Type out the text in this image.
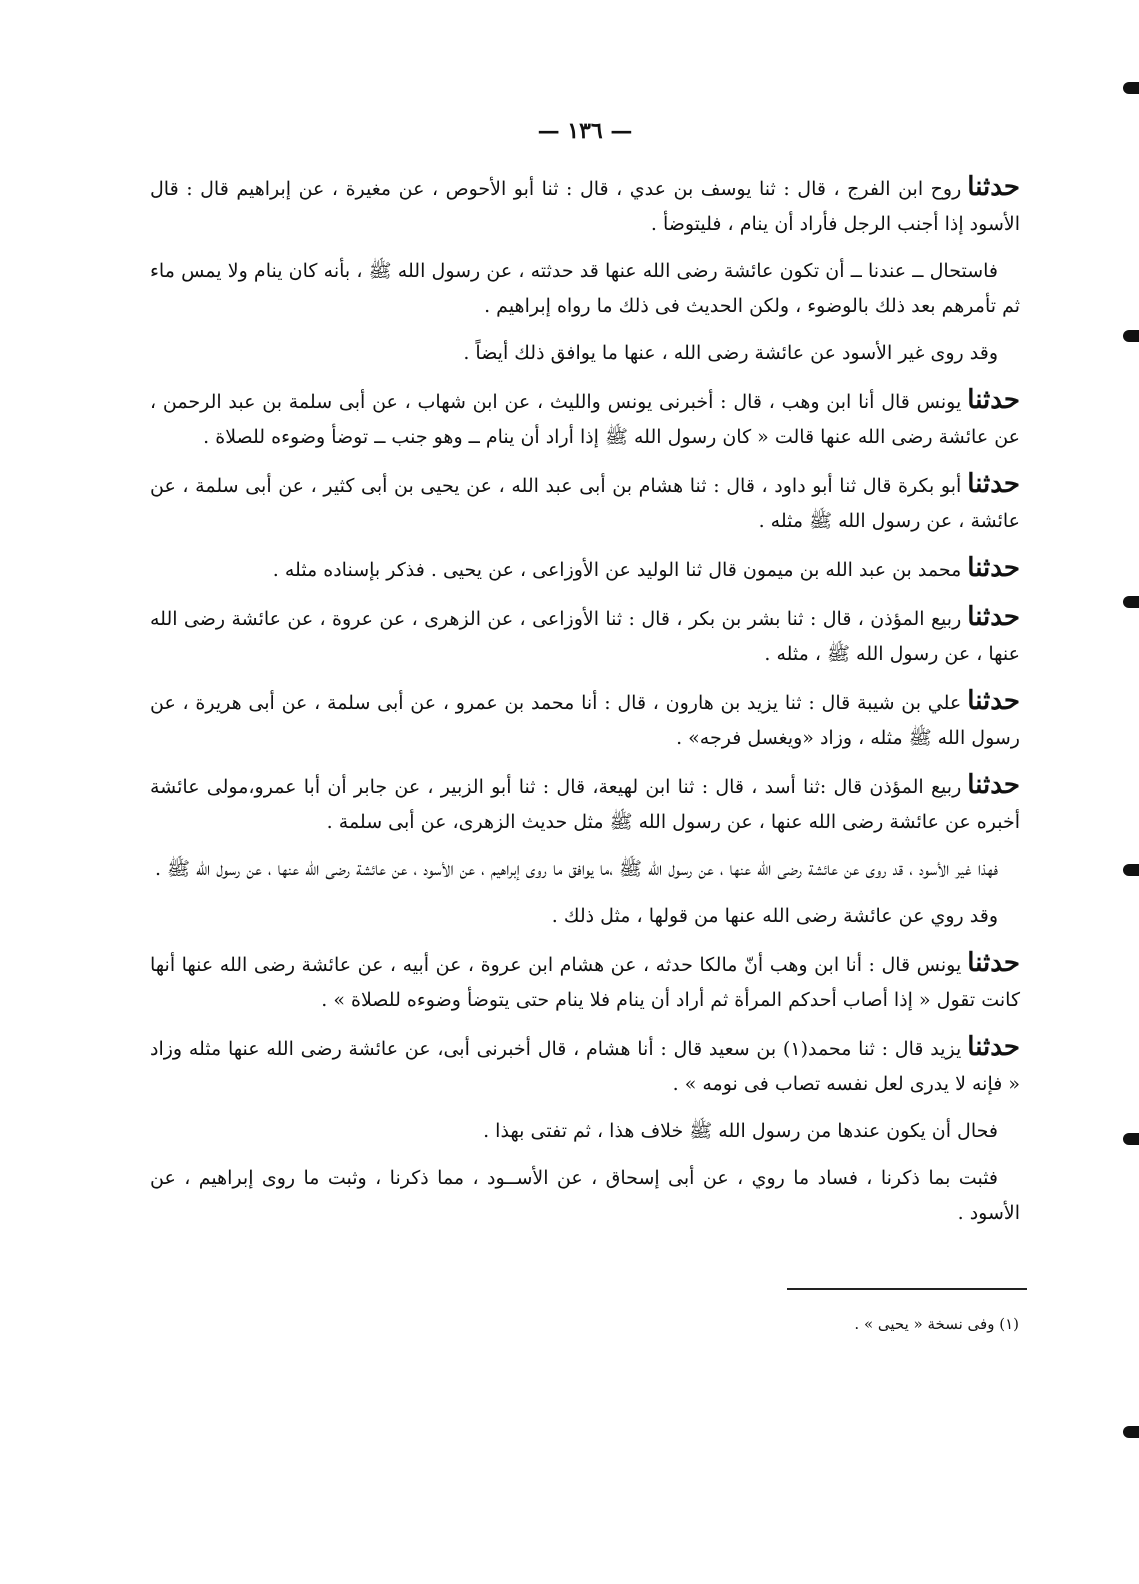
— ١٣٦ —

حدثناروح ابن الفرج ، قال : ثنا يوسف بن عدي ، قال : ثنا أبو الأحوص ، عن مغيرة ، عن إبراهيم قال : قال الأسود إذا أجنب الرجل فأراد أن ينام ، فليتوضأ .

فاستحال ــ عندنا ــ أن تكون عائشة رضى الله عنها قد حدثته ، عن رسول الله ﷺ ، بأنه كان ينام ولا يمس ماء ثم تأمرهم بعد ذلك بالوضوء ، ولكن الحديث فى ذلك ما رواه إبراهيم .

وقد روى غير الأسود عن عائشة رضى الله ، عنها ما يوافق ذلك أيضاً .

حدثنايونس قال أنا ابن وهب ، قال : أخبرنى يونس والليث ، عن ابن شهاب ، عن أبى سلمة بن عبد الرحمن ، عن عائشة رضى الله عنها قالت « كان رسول الله ﷺ إذا أراد أن ينام ــ وهو جنب ــ توضأ وضوءه للصلاة .

حدثناأبو بكرة قال ثنا أبو داود ، قال : ثنا هشام بن أبى عبد الله ، عن يحيى بن أبى كثير ، عن أبى سلمة ، عن عائشة ، عن رسول الله ﷺ مثله .

حدثنامحمد بن عبد الله بن ميمون قال ثنا الوليد عن الأوزاعى ، عن يحيى . فذكر بإسناده مثله .

حدثناربيع المؤذن ، قال : ثنا بشر بن بكر ، قال : ثنا الأوزاعى ، عن الزهرى ، عن عروة ، عن عائشة رضى الله عنها ، عن رسول الله ﷺ ، مثله .

حدثناعلي بن شيبة قال : ثنا يزيد بن هارون ، قال : أنا محمد بن عمرو ، عن أبى سلمة ، عن أبى هريرة ، عن رسول الله ﷺ مثله ، وزاد «ويغسل فرجه» .

حدثناربيع المؤذن قال :ثنا أسد ، قال : ثنا ابن لهيعة، قال : ثنا أبو الزبير ، عن جابر أن أبا عمرو،مولى عائشة أخبره عن عائشة رضى الله عنها ، عن رسول الله ﷺ مثل حديث الزهرى، عن أبى سلمة .

فهذا غير الأسود ، قد روى عن عائشة رضى الله عنها ، عن رسول الله ﷺ ،ما يوافق ما روى إبراهيم ، عن الأسود ، عن عائشة رضى الله عنها ، عن رسول الله ﷺ .

وقد روي عن عائشة رضى الله عنها من قولها ، مثل ذلك .

حدثنايونس قال : أنا ابن وهب أنّ مالكا حدثه ، عن هشام ابن عروة ، عن أبيه ، عن عائشة رضى الله عنها أنها كانت تقول « إذا أصاب أحدكم المرأة ثم أراد أن ينام فلا ينام حتى يتوضأ وضوءه للصلاة » .

حدثنايزيد قال : ثنا محمد(١) بن سعيد قال : أنا هشام ، قال أخبرنى أبى، عن عائشة رضى الله عنها مثله وزاد « فإنه لا يدرى لعل نفسه تصاب فى نومه » .

فحال أن يكون عندها من رسول الله ﷺ خلاف هذا ، ثم تفتى بهذا .

فثبت بما ذكرنا ، فساد ما روي ، عن أبى إسحاق ، عن الأســود ، مما ذكرنا ، وثبت ما روى إبراهيم ، عن الأسود .

(١) وفى نسخة « يحيى » .
